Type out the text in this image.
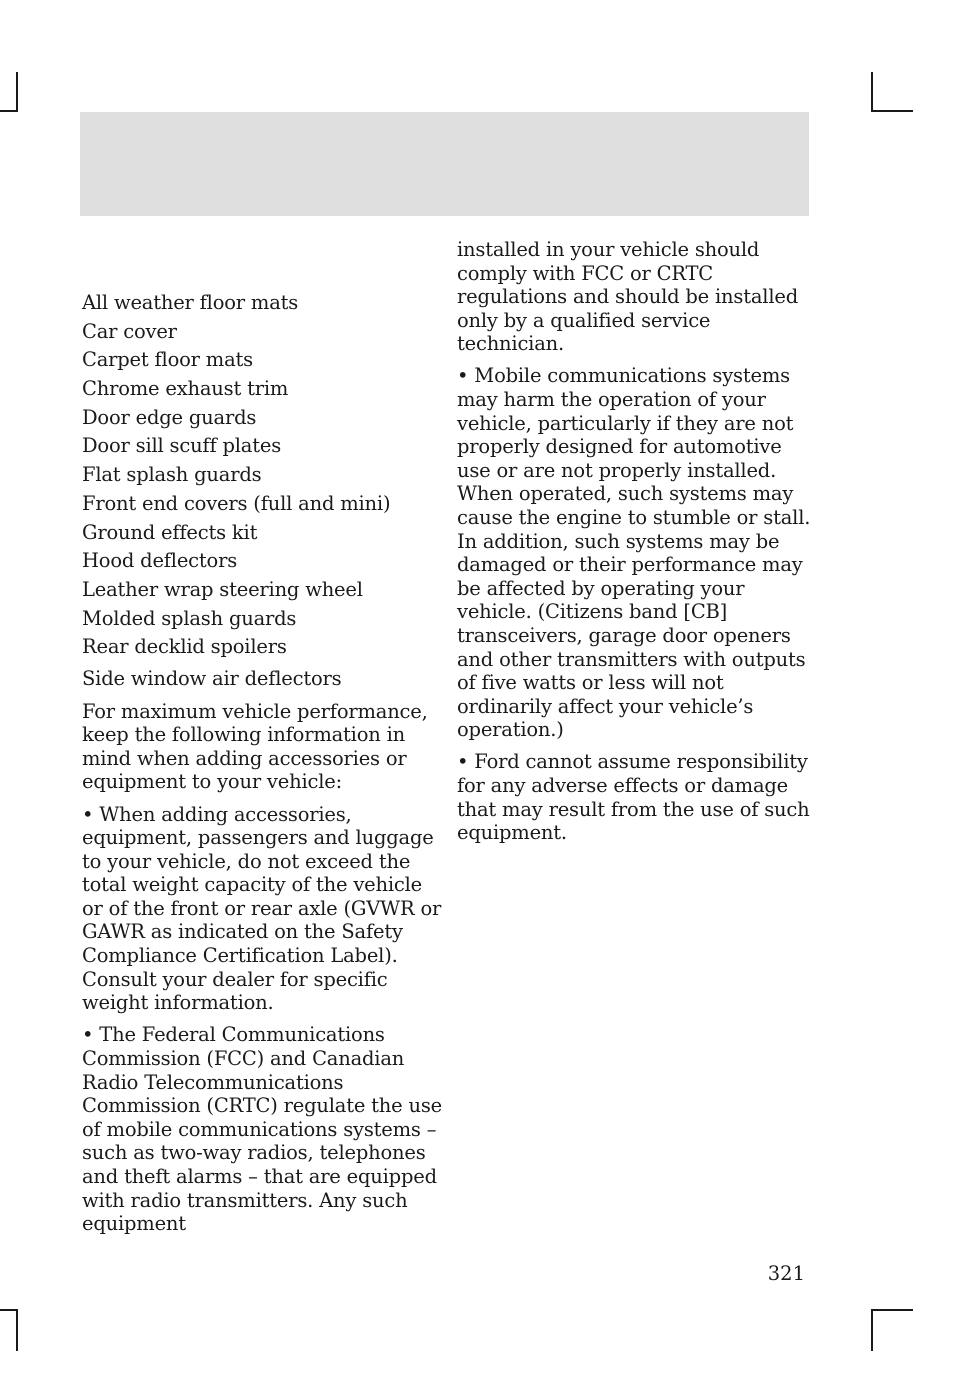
All weather floor mats
Car cover
Carpet floor mats
Chrome exhaust trim
Door edge guards
Door sill scuff plates
Flat splash guards
Front end covers (full and mini)
Ground effects kit
Hood deflectors
Leather wrap steering wheel
Molded splash guards
Rear decklid spoilers
Side window air deflectors

For maximum vehicle performance, keep the following information in mind when adding accessories or equipment to your vehicle:

• When adding accessories, equipment, passengers and luggage to your vehicle, do not exceed the total weight capacity of the vehicle or of the front or rear axle (GVWR or GAWR as indicated on the Safety Compliance Certification Label). Consult your dealer for specific weight information.

• The Federal Communications Commission (FCC) and Canadian Radio Telecommunications Commission (CRTC) regulate the use of mobile communications systems – such as two-way radios, telephones and theft alarms – that are equipped with radio transmitters. Any such equipment

installed in your vehicle should comply with FCC or CRTC regulations and should be installed only by a qualified service technician.

• Mobile communications systems may harm the operation of your vehicle, particularly if they are not properly designed for automotive use or are not properly installed. When operated, such systems may cause the engine to stumble or stall. In addition, such systems may be damaged or their performance may be affected by operating your vehicle. (Citizens band [CB] transceivers, garage door openers and other transmitters with outputs of five watts or less will not ordinarily affect your vehicle’s operation.)

• Ford cannot assume responsibility for any adverse effects or damage that may result from the use of such equipment.

321
